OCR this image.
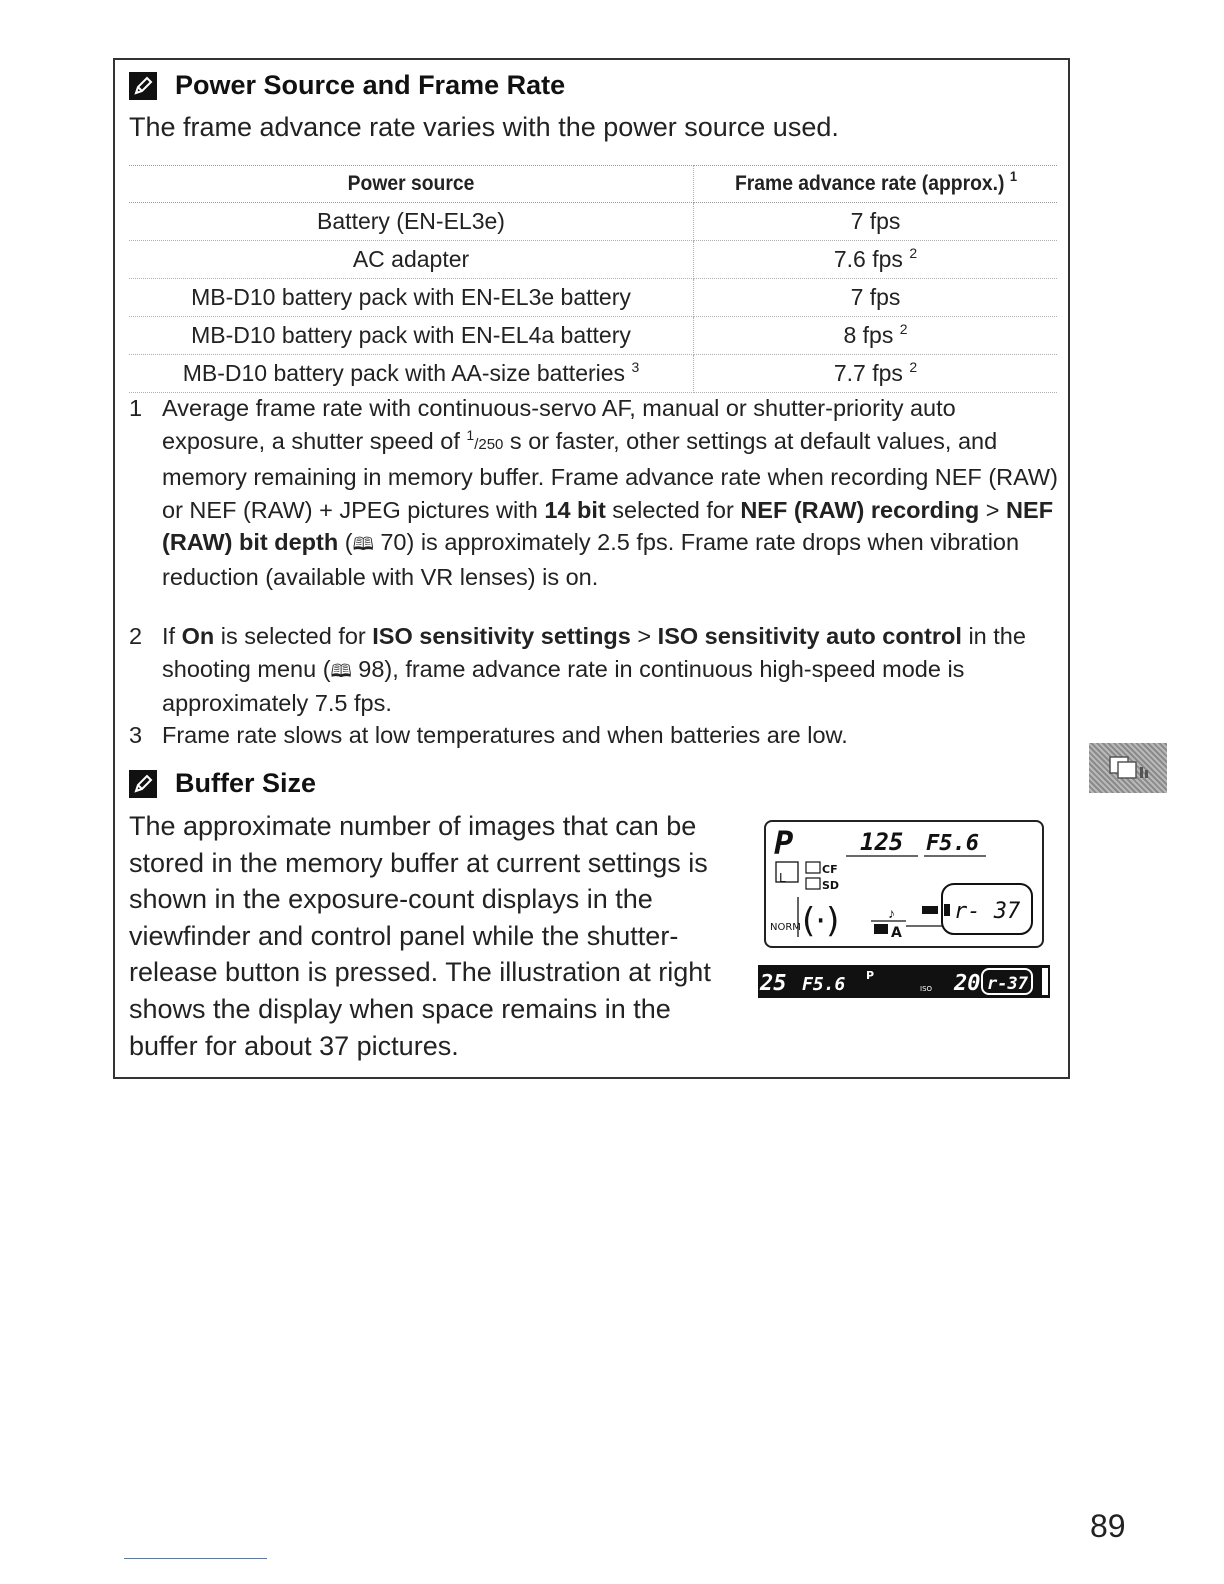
Power Source and Frame Rate
The frame advance rate varies with the power source used.
Power source	Frame advance rate (approx.) $^1$
Battery (EN-EL3e)	7 fps
AC adapter	7.6 fps $^2$
MB-D10 battery pack with EN-EL3e battery	7 fps
MB-D10 battery pack with EN-EL4a battery	8 fps $^2$
MB-D10 battery pack with AA-size batteries $^3$	7.7 fps $^2$
1 Average frame rate with continuous-servo AF, manual or shutter-priority auto exposure, a shutter speed of $^1$/250 s or faster, other settings at default values, and memory remaining in memory buffer. Frame advance rate when recording NEF (RAW) or NEF (RAW) + JPEG pictures with 14 bit selected for NEF (RAW) recording > NEF (RAW) bit depth (🕮 70) is approximately 2.5 fps. Frame rate drops when vibration reduction (available with VR lenses) is on.
2 If On is selected for ISO sensitivity settings > ISO sensitivity auto control in the shooting menu (🕮 98), frame advance rate in continuous high-speed mode is approximately 7.5 fps.
3 Frame rate slows at low temperatures and when batteries are low.
Buffer Size
The approximate number of images that can be stored in the memory buffer at current settings is shown in the exposure-count displays in the viewfinder and control panel while the shutter-release button is pressed. The illustration at right shows the display when space remains in the buffer for about 37 pictures.
P	125 F5.6
L
CF
SD
NORM (·)	♪
A
r- 37
25 F5.6 P
ISO 20 r-37
89
